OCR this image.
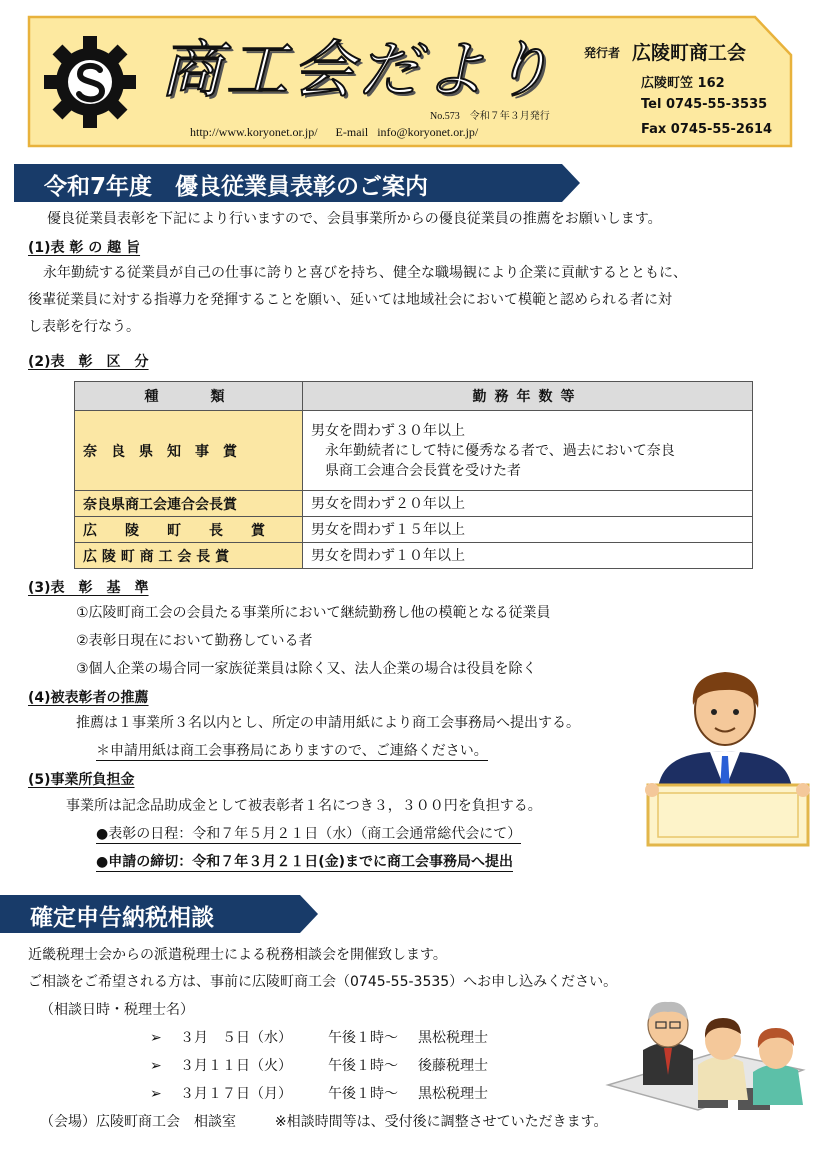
商工会だより
No.573　令和７年３月発行
http://www.koryonet.or.jp/ E-mail info@koryonet.or.jp/
発行者 広陵町商工会
広陵町笠 162
Tel 0745-55-3535
Fax 0745-55-2614
令和7年度　優良従業員表彰のご案内
優良従業員表彰を下記により行いますので、会員事業所からの優良従業員の推薦をお願いします。
(1)表 彰 の 趣 旨
永年勤続する従業員が自己の仕事に誇りと喜びを持ち、健全な職場観により企業に貢献するとともに、
後輩従業員に対する指導力を発揮することを願い、延いては地域社会において模範と認められる者に対
し表彰を行なう。
(2)表　彰　区　分
種　　類	勤務年数等
奈　良　県　知　事　賞	男女を問わず３０年以上
　永年勤続者にして特に優秀なる者で、過去において奈良
　県商工会連合会長賞を受けた者

奈良県商工会連合会長賞	男女を問わず２０年以上
広　　陵　　町　　長　　賞	男女を問わず１５年以上
広 陵 町 商 工 会 長 賞	男女を問わず１０年以上
(3)表　彰　基　準
①広陵町商工会の会員たる事業所において継続勤務し他の模範となる従業員
②表彰日現在において勤務している者
③個人企業の場合同一家族従業員は除く又、法人企業の場合は役員を除く
(4)被表彰者の推薦
推薦は１事業所３名以内とし、所定の申請用紙により商工会事務局へ提出する。
＊申請用紙は商工会事務局にありますので、ご連絡ください。
(5)事業所負担金
事業所は記念品助成金として被表彰者１名につき３，３００円を負担する。
●表彰の日程：令和７年５月２１日（水）（商工会通常総代会にて）
●申請の締切：令和７年３月２１日(金)までに商工会事務局へ提出
確定申告納税相談
近畿税理士会からの派遣税理士による税務相談会を開催致します。
ご相談をご希望される方は、事前に広陵町商工会（0745-55-3535）へお申し込みください。
（相談日時・税理士名）
➢ ３月　５日（水）	午後１時～ 黒松税理士
➢ ３月１１日（火）	午後１時～ 後藤税理士
➢ ３月１７日（月）	午後１時～ 黒松税理士
（会場）広陵町商工会　相談室	※相談時間等は、受付後に調整させていただきます。
